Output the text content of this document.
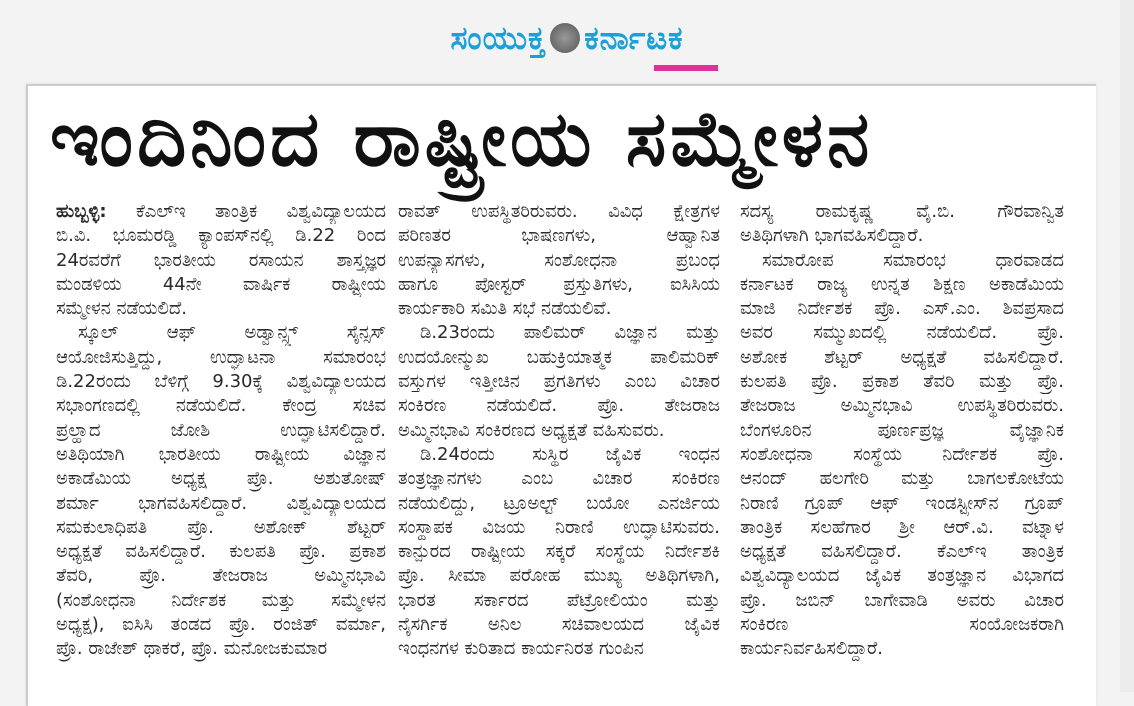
ಸಂಯುಕ್ತ ಕರ್ನಾಟಕ
ಇಂದಿನಿಂದ ರಾಷ್ಟ್ರೀಯ ಸಮ್ಮೇಳನ
ಹುಬ್ಬಳ್ಳಿ: ಕೆಎಲ್‌ಇ ತಾಂತ್ರಿಕ ವಿಶ್ವವಿದ್ಯಾಲಯದ
ಬಿ.ವಿ. ಭೂಮರಡ್ಡಿ ಕ್ಯಾಂಪಸ್‌ನಲ್ಲಿ ಡಿ.22 ರಿಂದ
24ರವರೆಗೆ ಭಾರತೀಯ ರಸಾಯನ ಶಾಸ್ತ್ರಜ್ಞರ
ಮಂಡಳಿಯ 44ನೇ ವಾರ್ಷಿಕ ರಾಷ್ಟ್ರೀಯ
ಸಮ್ಮೇಳನ ನಡೆಯಲಿದೆ.
ಸ್ಕೂಲ್ ಆಫ್ ಅಡ್ವಾನ್ಸ್ಡ್ ಸೈನ್ಸಸ್
ಆಯೋಜಿಸುತ್ತಿದ್ದು, ಉದ್ಘಾಟನಾ ಸಮಾರಂಭ
ಡಿ.22ರಂದು ಬೆಳಿಗ್ಗೆ 9.30ಕ್ಕೆ ವಿಶ್ವವಿದ್ಯಾಲಯದ
ಸಭಾಂಗಣದಲ್ಲಿ ನಡೆಯಲಿದೆ. ಕೇಂದ್ರ ಸಚಿವ
ಪ್ರಲ್ಹಾದ ಜೋಶಿ ಉದ್ಘಾಟಿಸಲಿದ್ದಾರೆ.
ಅತಿಥಿಯಾಗಿ ಭಾರತೀಯ ರಾಷ್ಟ್ರೀಯ ವಿಜ್ಞಾನ
ಅಕಾಡೆಮಿಯ ಅಧ್ಯಕ್ಷ ಪ್ರೊ. ಅಶುತೋಷ್
ಶರ್ಮಾ ಭಾಗವಹಿಸಲಿದ್ದಾರೆ. ವಿಶ್ವವಿದ್ಯಾಲಯದ
ಸಮಕುಲಾಧಿಪತಿ ಪ್ರೊ. ಅಶೋಕ್ ಶೆಟ್ಟರ್
ಅಧ್ಯಕ್ಷತೆ ವಹಿಸಲಿದ್ದಾರೆ. ಕುಲಪತಿ ಪ್ರೊ. ಪ್ರಕಾಶ
ತೆವರಿ, ಪ್ರೊ. ತೇಜರಾಜ ಅಮ್ಮಿನಭಾವಿ
(ಸಂಶೋಧನಾ ನಿರ್ದೇಶಕ ಮತ್ತು ಸಮ್ಮೇಳನ
ಅಧ್ಯಕ್ಷ), ಐಸಿಸಿ ತಂಡದ ಪ್ರೊ. ರಂಜಿತ್ ವರ್ಮಾ,
ಪ್ರೊ. ರಾಜೇಶ್ ಥಾಕರೆ, ಪ್ರೊ. ಮನೋಜಕುಮಾರ
ರಾವತ್ ಉಪಸ್ಥಿತರಿರುವರು. ವಿವಿಧ ಕ್ಷೇತ್ರಗಳ
ಪರಿಣತರ ಭಾಷಣಗಳು, ಆಹ್ವಾನಿತ
ಉಪನ್ಯಾಸಗಳು, ಸಂಶೋಧನಾ ಪ್ರಬಂಧ
ಹಾಗೂ ಪೋಸ್ಟರ್ ಪ್ರಸ್ತುತಿಗಳು, ಐಸಿಸಿಯ
ಕಾರ್ಯಕಾರಿ ಸಮಿತಿ ಸಭೆ ನಡೆಯಲಿವೆ.
ಡಿ.23ರಂದು ಪಾಲಿಮರ್ ವಿಜ್ಞಾನ ಮತ್ತು
ಉದಯೋನ್ಮುಖ ಬಹುಕ್ರಿಯಾತ್ಮಕ ಪಾಲಿಮರಿಕ್
ವಸ್ತುಗಳ ಇತ್ತೀಚಿನ ಪ್ರಗತಿಗಳು ಎಂಬ ವಿಚಾರ
ಸಂಕಿರಣ ನಡೆಯಲಿದೆ. ಪ್ರೊ. ತೇಜರಾಜ
ಅಮ್ಮಿನಭಾವಿ ಸಂಕಿರಣದ ಅಧ್ಯಕ್ಷತೆ ವಹಿಸುವರು.
ಡಿ.24ರಂದು ಸುಸ್ಥಿರ ಜೈವಿಕ ಇಂಧನ
ತಂತ್ರಜ್ಞಾನಗಳು ಎಂಬ ವಿಚಾರ ಸಂಕಿರಣ
ನಡೆಯಲಿದ್ದು, ಟ್ರೂಅಲ್ಟ್ ಬಯೋ ಎನರ್ಜಿಯ
ಸಂಸ್ಥಾಪಕ ವಿಜಯ ನಿರಾಣಿ ಉದ್ಘಾಟಿಸುವರು.
ಕಾನ್ಪುರದ ರಾಷ್ಟ್ರೀಯ ಸಕ್ಕರೆ ಸಂಸ್ಥೆಯ ನಿರ್ದೇಶಕಿ
ಪ್ರೊ. ಸೀಮಾ ಪರೋಹ ಮುಖ್ಯ ಅತಿಥಿಗಳಾಗಿ,
ಭಾರತ ಸರ್ಕಾರದ ಪೆಟ್ರೋಲಿಯಂ ಮತ್ತು
ನೈಸರ್ಗಿಕ ಅನಿಲ ಸಚಿವಾಲಯದ ಜೈವಿಕ
ಇಂಧನಗಳ ಕುರಿತಾದ ಕಾರ್ಯನಿರತ ಗುಂಪಿನ
ಸದಸ್ಯ ರಾಮಕೃಷ್ಣ ವೈ.ಬಿ. ಗೌರವಾನ್ವಿತ
ಅತಿಥಿಗಳಾಗಿ ಭಾಗವಹಿಸಲಿದ್ದಾರೆ.
ಸಮಾರೋಪ ಸಮಾರಂಭ ಧಾರವಾಡದ
ಕರ್ನಾಟಕ ರಾಜ್ಯ ಉನ್ನತ ಶಿಕ್ಷಣ ಅಕಾಡೆಮಿಯ
ಮಾಜಿ ನಿರ್ದೇಶಕ ಪ್ರೊ. ಎಸ್.ಎಂ. ಶಿವಪ್ರಸಾದ
ಅವರ ಸಮ್ಮುಖದಲ್ಲಿ ನಡೆಯಲಿದೆ. ಪ್ರೊ.
ಅಶೋಕ ಶೆಟ್ಟರ್ ಅಧ್ಯಕ್ಷತೆ ವಹಿಸಲಿದ್ದಾರೆ.
ಕುಲಪತಿ ಪ್ರೊ. ಪ್ರಕಾಶ ತೆವರಿ ಮತ್ತು ಪ್ರೊ.
ತೇಜರಾಜ ಅಮ್ಮಿನಭಾವಿ ಉಪಸ್ಥಿತರಿರುವರು.
ಬೆಂಗಳೂರಿನ ಪೂರ್ಣಪ್ರಜ್ಞ ವೈಜ್ಞಾನಿಕ
ಸಂಶೋಧನಾ ಸಂಸ್ಥೆಯ ನಿರ್ದೇಶಕ ಪ್ರೊ.
ಆನಂದ್ ಹಲಗೇರಿ ಮತ್ತು ಬಾಗಲಕೋಟೆಯ
ನಿರಾಣಿ ಗ್ರೂಪ್ ಆಫ್ ಇಂಡಸ್ಟ್ರೀಸ್‌ನ ಗ್ರೂಪ್
ತಾಂತ್ರಿಕ ಸಲಹೆಗಾರ ಶ್ರೀ ಆರ್.ವಿ. ವಟ್ನಾಳ
ಅಧ್ಯಕ್ಷತೆ ವಹಿಸಲಿದ್ದಾರೆ. ಕೆಎಲ್‌ಇ ತಾಂತ್ರಿಕ
ವಿಶ್ವವಿದ್ಯಾಲಯದ ಜೈವಿಕ ತಂತ್ರಜ್ಞಾನ ವಿಭಾಗದ
ಪ್ರೊ. ಜಬಿನ್ ಬಾಗೇವಾಡಿ ಅವರು ವಿಚಾರ
ಸಂಕಿರಣ ಸಂಯೋಜಕರಾಗಿ
ಕಾರ್ಯನಿರ್ವಹಿಸಲಿದ್ದಾರೆ.
